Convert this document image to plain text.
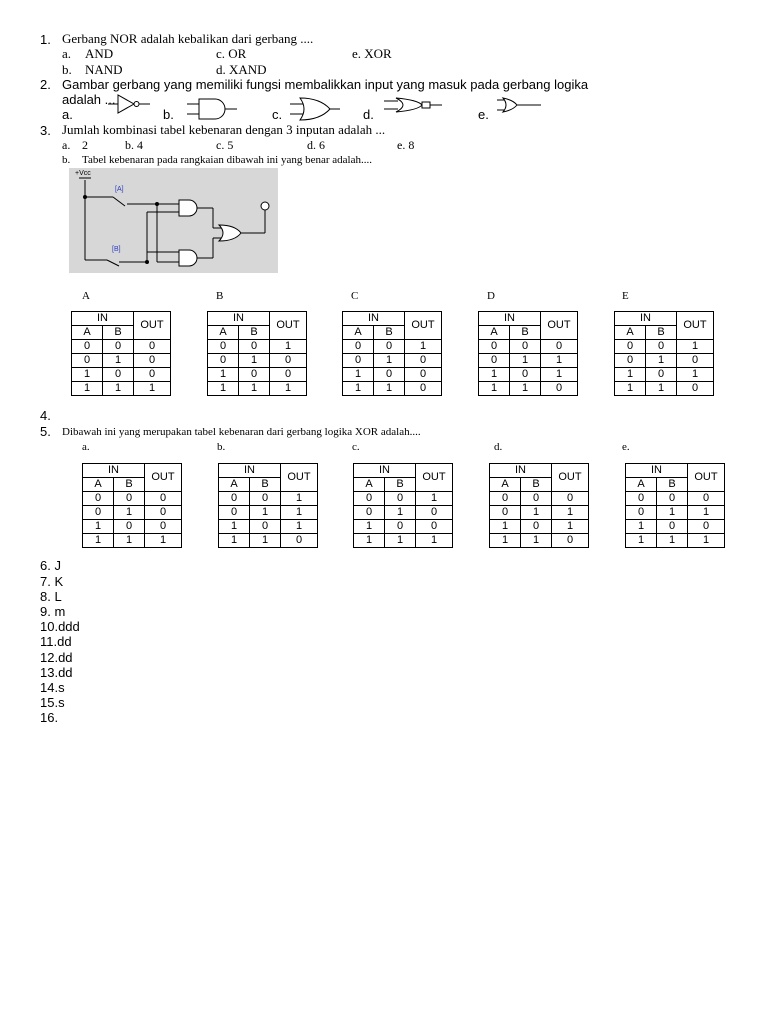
1. Gerbang NOR adalah kebalikan dari gerbang ....
a. AND	c. OR	e. XOR
b. NAND	d. XAND
2. Gambar gerbang yang memiliki fungsi membalikkan input yang masuk pada gerbang logika
adalah ...
a.	b.	c.	d.	e.
3. Jumlah kombinasi tabel kebenaran dengan 3 inputan adalah ...
a. 2	b. 4	c. 5	d. 6	e. 8
b. Tabel kebenaran pada rangkaian dibawah ini yang benar adalah....
+Vcc
[A]
[B]
A	B	C	D	E
IN		OUT
A	B	
0	0	0
0	1	0
1	0	0
1	1	1
IN		OUT
A	B	
0	0	1
0	1	0
1	0	0
1	1	1
IN		OUT
A	B	
0	0	1
0	1	0
1	0	0
1	1	0
IN		OUT
A	B	
0	0	0
0	1	1
1	0	1
1	1	0
IN		OUT
A	B	
0	0	1
0	1	0
1	0	1
1	1	0
4.
5. Dibawah ini yang merupakan tabel kebenaran dari gerbang logika XOR adalah....
a.	b.	c.	d.	e.
IN		OUT
A	B	
0	0	0
0	1	0
1	0	0
1	1	1
IN		OUT
A	B	
0	0	1
0	1	1
1	0	1
1	1	0
IN		OUT
A	B	
0	0	1
0	1	0
1	0	0
1	1	1
IN		OUT
A	B	
0	0	0
0	1	1
1	0	1
1	1	0
IN		OUT
A	B	
0	0	0
0	1	1
1	0	0
1	1	1
6. J
7. K
8. L
9. m
10.ddd
11.dd
12.dd
13.dd
14.s
15.s
16.
